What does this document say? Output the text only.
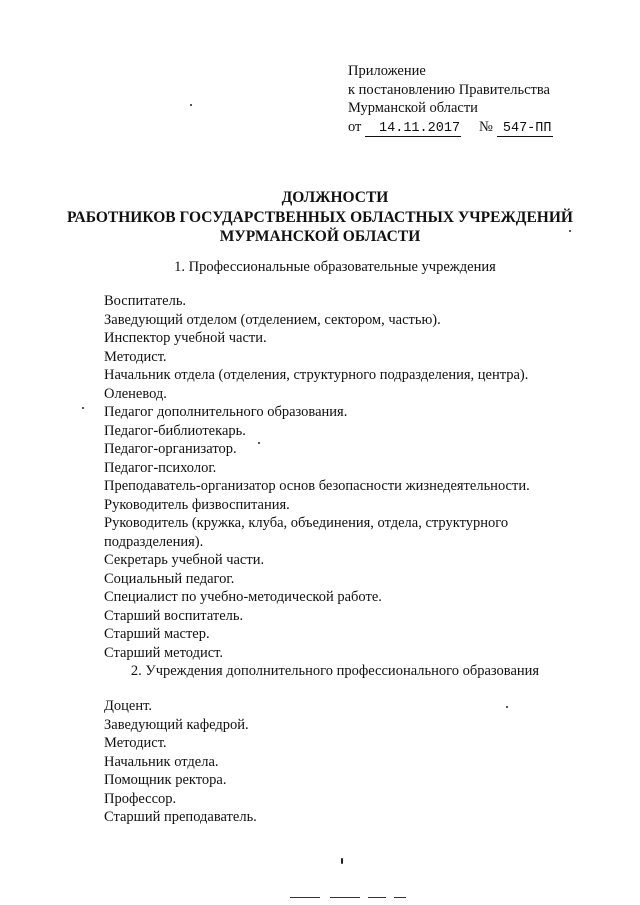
Приложение
к постановлению Правительства
Мурманской области
от 14.11.2017 № 547-ПП
ДОЛЖНОСТИ
РАБОТНИКОВ ГОСУДАРСТВЕННЫХ ОБЛАСТНЫХ УЧРЕЖДЕНИЙ
МУРМАНСКОЙ ОБЛАСТИ
1. Профессиональные образовательные учреждения
Воспитатель.
Заведующий отделом (отделением, сектором, частью).
Инспектор учебной части.
Методист.
Начальник отдела (отделения, структурного подразделения, центра).
Оленевод.
Педагог дополнительного образования.
Педагог-библиотекарь.
Педагог-организатор.
Педагог-психолог.
Преподаватель-организатор основ безопасности жизнедеятельности.
Руководитель физвоспитания.
Руководитель (кружка, клуба, объединения, отдела, структурного подразделения).
Секретарь учебной части.
Социальный педагог.
Специалист по учебно-методической работе.
Старший воспитатель.
Старший мастер.
Старший методист.
2. Учреждения дополнительного профессионального образования
Доцент.
Заведующий кафедрой.
Методист.
Начальник отдела.
Помощник ректора.
Профессор.
Старший преподаватель.
